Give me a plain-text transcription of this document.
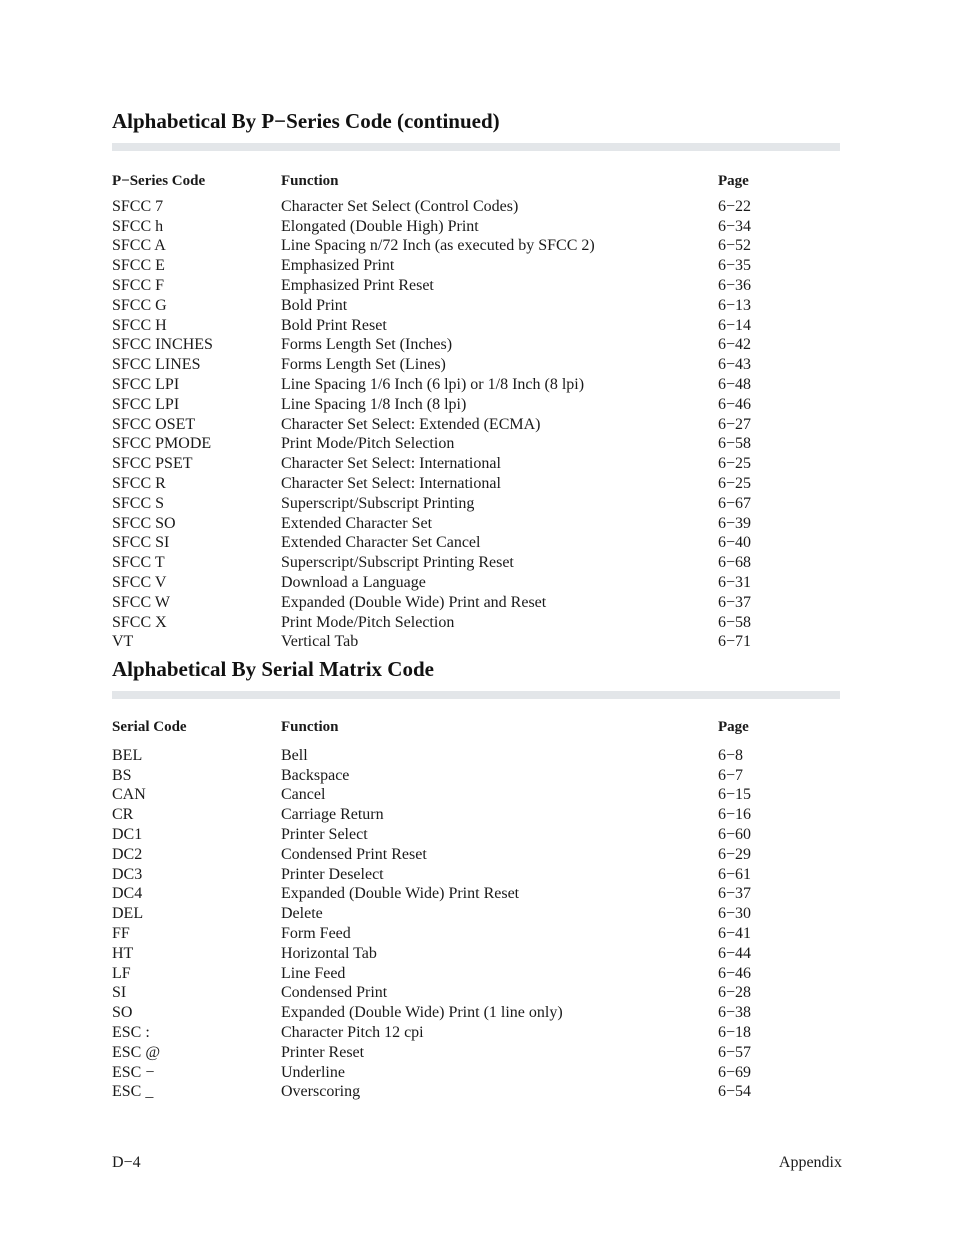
Alphabetical By P−Series Code (continued)
P−Series Code	Function	Page
SFCC 7	Character Set Select (Control Codes)	6−22
SFCC h	Elongated (Double High) Print	6−34
SFCC A	Line Spacing n/72 Inch (as executed by SFCC 2)	6−52
SFCC E	Emphasized Print	6−35
SFCC F	Emphasized Print Reset	6−36
SFCC G	Bold Print	6−13
SFCC H	Bold Print Reset	6−14
SFCC INCHES	Forms Length Set (Inches)	6−42
SFCC LINES	Forms Length Set (Lines)	6−43
SFCC LPI	Line Spacing 1/6 Inch (6 lpi) or 1/8 Inch (8 lpi)	6−48
SFCC LPI	Line Spacing 1/8 Inch (8 lpi)	6−46
SFCC OSET	Character Set Select: Extended (ECMA)	6−27
SFCC PMODE	Print Mode/Pitch Selection	6−58
SFCC PSET	Character Set Select: International	6−25
SFCC R	Character Set Select: International	6−25
SFCC S	Superscript/Subscript Printing	6−67
SFCC SO	Extended Character Set	6−39
SFCC SI	Extended Character Set Cancel	6−40
SFCC T	Superscript/Subscript Printing Reset	6−68
SFCC V	Download a Language	6−31
SFCC W	Expanded (Double Wide) Print and Reset	6−37
SFCC X	Print Mode/Pitch Selection	6−58
VT	Vertical Tab	6−71
Alphabetical By Serial Matrix Code
Serial Code	Function	Page
BEL	Bell	6−8
BS	Backspace	6−7
CAN	Cancel	6−15
CR	Carriage Return	6−16
DC1	Printer Select	6−60
DC2	Condensed Print Reset	6−29
DC3	Printer Deselect	6−61
DC4	Expanded (Double Wide) Print Reset	6−37
DEL	Delete	6−30
FF	Form Feed	6−41
HT	Horizontal Tab	6−44
LF	Line Feed	6−46
SI	Condensed Print	6−28
SO	Expanded (Double Wide) Print (1 line only)	6−38
ESC :	Character Pitch 12 cpi	6−18
ESC @	Printer Reset	6−57
ESC −	Underline	6−69
ESC _	Overscoring	6−54
D−4	Appendix
